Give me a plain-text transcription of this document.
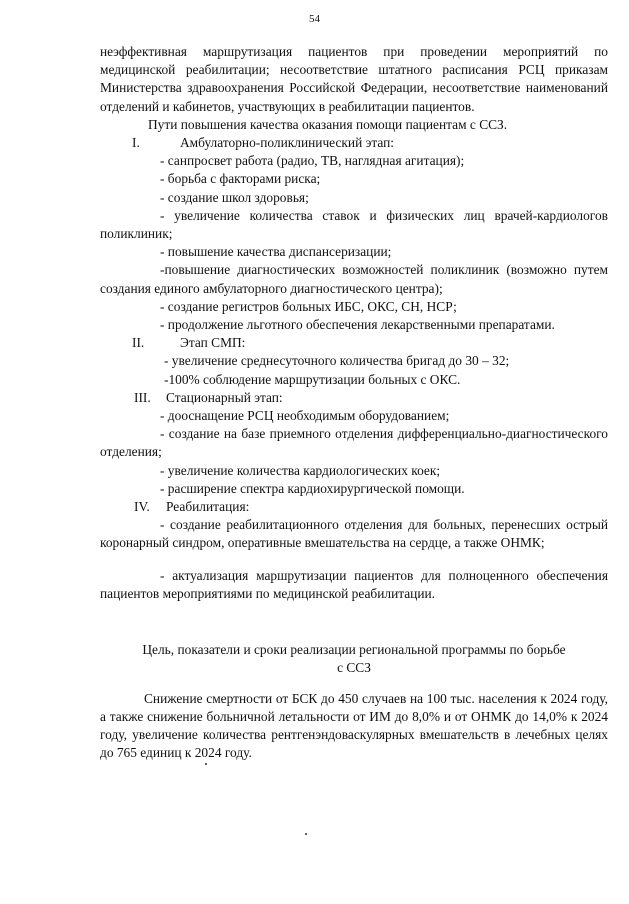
54

неэффективная маршрутизация пациентов при проведении мероприятий по медицинской реабилитации; несоответствие штатного расписания РСЦ приказам Министерства здравоохранения Российской Федерации, несоответствие наименований отделений и кабинетов, участвующих в реабилитации пациентов.

Пути повышения качества оказания помощи пациентам с ССЗ.

I.	Амбулаторно-поликлинический этап:

- санпросвет работа (радио, ТВ, наглядная агитация);

- борьба с факторами риска;

- создание школ здоровья;

- увеличение количества ставок и физических лиц врачей-кардиологов поликлиник;

- повышение качества диспансеризации;

-повышение диагностических возможностей поликлиник (возможно путем создания единого амбулаторного диагностического центра);

- создание регистров больных ИБС, ОКС, СН, НСР;

- продолжение льготного обеспечения лекарственными препаратами.

II.	Этап СМП:

- увеличение среднесуточного количества бригад до 30 – 32;

-100% соблюдение маршрутизации больных с ОКС.

III.	Стационарный этап:

- дооснащение РСЦ необходимым оборудованием;

- создание на базе приемного отделения дифференциально-диагностического отделения;

- увеличение количества кардиологических коек;

- расширение спектра кардиохирургической помощи.

IV.	Реабилитация:

- создание реабилитационного отделения для больных, перенесших острый коронарный синдром, оперативные вмешательства на сердце, а также ОНМК;

- актуализация маршрутизации пациентов для полноценного обеспечения пациентов мероприятиями по медицинской реабилитации.

Цель, показатели и сроки реализации региональной программы по борьбе

с ССЗ

Снижение смертности от БСК до 450 случаев на 100 тыс. населения к 2024 году, а также снижение больничной летальности от ИМ до 8,0% и от ОНМК до 14,0% к 2024 году, увеличение количества рентгенэндоваскулярных вмешательств в лечебных целях до 765 единиц к 2024 году.
